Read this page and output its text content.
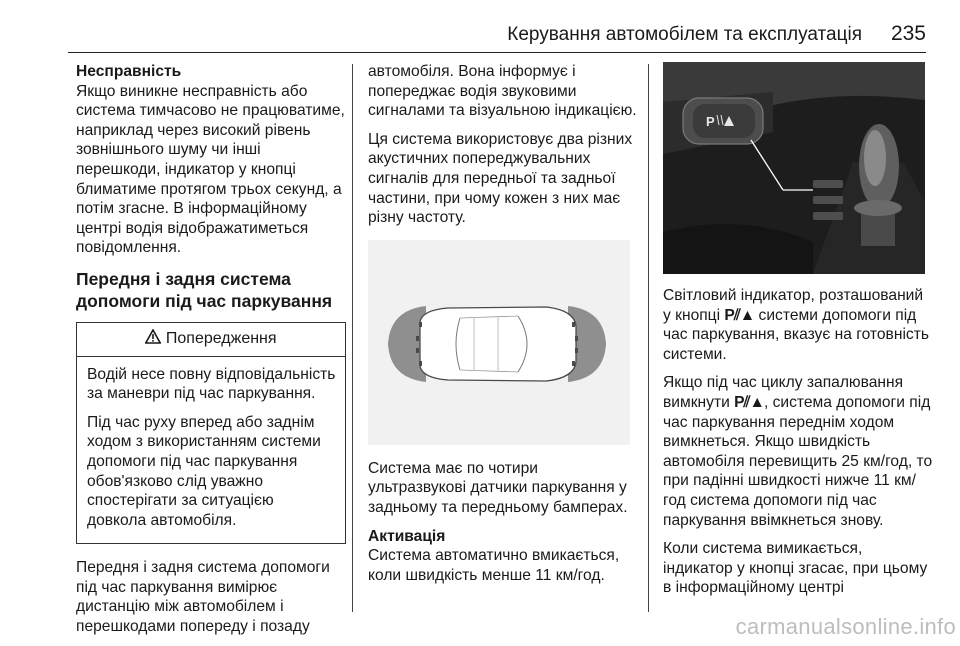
Керування автомобілем та експлуатація 235
Несправність

Якщо виникне несправність або система тимчасово не працюватиме, наприклад через високий рівень зовнішнього шуму чи інші перешкоди, індикатор у кнопці блиматиме протягом трьох секунд, а потім згасне. В інформаційному центрі водія відображатиметься повідомлення.

Передня і задня система допомоги під час паркування
Попередження

Водій несе повну відповідальність за маневри під час паркування.

Під час руху вперед або заднім ходом з використанням системи допомоги під час паркування обов'язково слід уважно спостерігати за ситуацією довкола автомобіля.

Передня і задня система допомоги під час паркування вимірює дистанцію між автомобілем і перешкодами попереду і позаду

автомобіля. Вона інформує і попереджає водія звуковими сигналами та візуальною індикацією.

Ця система використовує два різних акустичних попереджувальних сигналів для передньої та задньої частини, при чому кожен з них має різну частоту.

Система має по чотири ультразвукові датчики паркування у задньому та передньому бамперах.

Активація

Система автоматично вмикається, коли швидкість менше 11 км/год.

P

Світловий індикатор, розташований у кнопці P⫽▲ системи допомоги під час паркування, вказує на готовність системи.

Якщо під час циклу запалювання вимкнути P⫽▲, система допомоги під час паркування переднім ходом вимкнеться. Якщо швидкість автомобіля перевищить 25 км/год, то при падінні швидкості нижче 11 км/год система допомоги під час паркування ввімкнеться знову.

Коли система вимикається, індикатор у кнопці згасає, при цьому в інформаційному центрі

carmanualsonline.info
